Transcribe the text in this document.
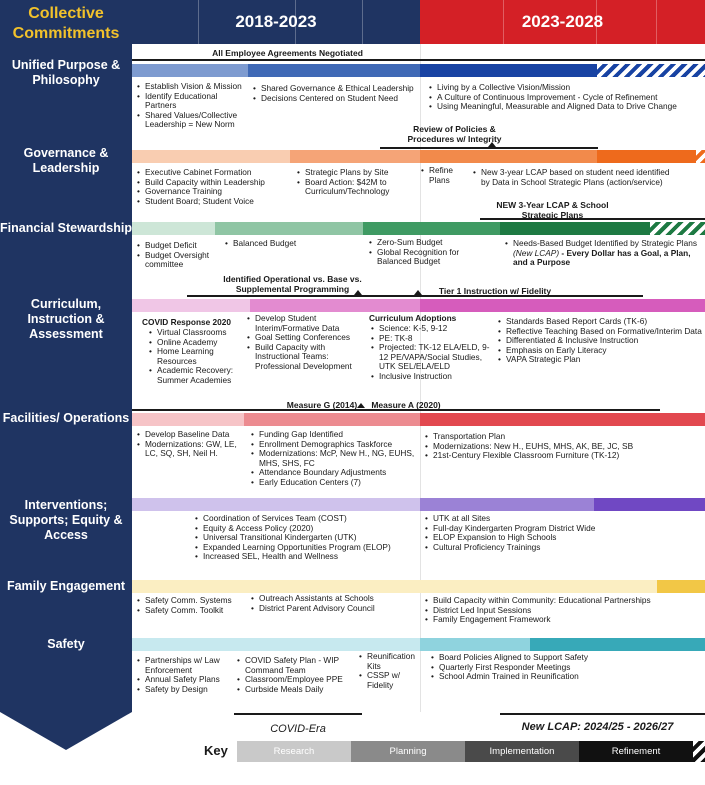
Collective Commitments
2018-2023	2023-2028
Unified Purpose & Philosophy
Governance & Leadership
Financial Stewardship
Curriculum, Instruction & Assessment
Facilities/ Operations
Interventions; Supports; Equity & Access
Family Engagement
Safety
All Employee Agreements Negotiated
• Establish Vision & Mission
• Identify Educational Partners
• Shared Values/Collective Leadership = New Norm
• Shared Governance & Ethical Leadership
• Decisions Centered on Student Need
• Living by a Collective Vision/Mission
• A Culture of Continuous Improvement - Cycle of Refinement
• Using Meaningful, Measurable and Aligned Data to Drive Change
Review of Policies & Procedures w/ Integrity
• Executive Cabinet Formation
• Build Capacity within Leadership
• Governance Training
• Student Board; Student Voice
• Strategic Plans by Site
• Board Action: $42M to Curriculum/Technology
• Refine Plans
• New 3-year LCAP based on student need identified by Data in School Strategic Plans (action/service)
NEW 3-Year LCAP & School Strategic Plans
• Budget Deficit
• Budget Oversight committee
• Balanced Budget
•	Zero-Sum Budget
• Global Recognition for Balanced Budget
• Needs-Based Budget Identified by Strategic Plans (New LCAP) - Every Dollar has a Goal, a Plan, and a Purpose
Identified Operational vs. Base vs. Supplemental Programming	Tier 1 Instruction w/ Fidelity
COVID Response 2020
• Virtual Classrooms
• Online Academy
• Home Learning Resources
• Academic Recovery: Summer Academies
• Develop Student Interim/Formative Data
• Goal Setting Conferences
• Build Capacity with Instructional Teams: Professional Development
Curriculum Adoptions
• Science: K-5, 9-12
• PE: TK-8
• Projected: TK-12 ELA/ELD, 9-12 PE/VAPA/Social Studies, UTK SEL/ELA/ELD
• Inclusive Instruction
• Standards Based Report Cards (TK-6)
• Reflective Teaching Based on Formative/Interim Data
• Differentiated & Inclusive Instruction
• Emphasis on Early Literacy
• VAPA Strategic Plan
Measure G (2014)	Measure A (2020)
• Develop Baseline Data
• Modernizations: GW, LE, LC, SQ, SH, Neil H.
• Funding Gap Identified
• Enrollment Demographics Taskforce
• Modernizations: McP, New H., NG, EUHS, MHS, SHS, FC
• Attendance Boundary Adjustments
• Early Education Centers (7)
• Transportation Plan
• Modernizations: New H., EUHS, MHS, AK, BE, JC, SB
• 21st-Century Flexible Classroom Furniture (TK-12)
• Coordination of Services Team (COST)
• Equity & Access Policy (2020)
• Universal Transitional Kindergarten (UTK)
• Expanded Learning Opportunities Program (ELOP)
• Increased SEL, Health and Wellness
• UTK at all Sites
• Full-day Kindergarten Program District Wide
• ELOP Expansion to High Schools
• Cultural Proficiency Trainings
• Safety Comm. Systems
• Safety Comm. Toolkit
• Outreach Assistants at Schools
• District Parent Advisory Council
• Build Capacity within Community: Educational Partnerships
• District Led Input Sessions
• Family Engagement Framework
• Partnerships w/ Law Enforcement
• Annual Safety Plans
• Safety by Design
• COVID Safety Plan - WIP Command Team
• Classroom/Employee PPE
• Curbside Meals Daily
• Reunification Kits
• CSSP w/ Fidelity
• Board Policies Aligned to Support Safety
• Quarterly First Responder Meetings
• School Admin Trained in Reunification
COVID-Era	New LCAP: 2024/25 - 2026/27
Key	Research	Planning	Implementation	Refinement
